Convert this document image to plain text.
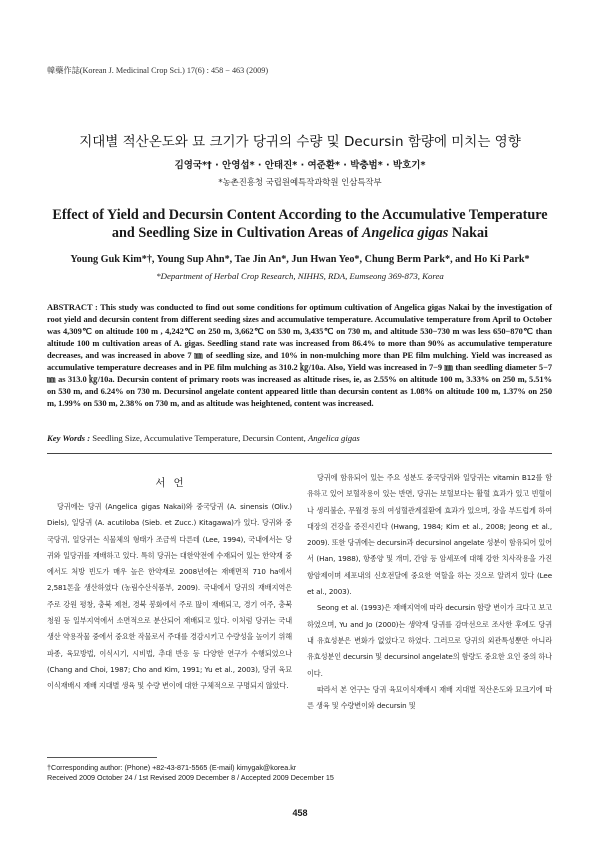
韓藥作誌(Korean J. Medicinal Crop Sci.) 17(6) : 458 − 463 (2009)
지대별 적산온도와 묘 크기가 당귀의 수량 및 Decursin 함량에 미치는 영향
김영국*† · 안영섭* · 안태진* · 여준환* · 박충범* · 박호기*
*농촌진흥청 국립원예특작과학원 인삼특작부
Effect of Yield and Decursin Content According to the Accumulative Temperature
and Seedling Size in Cultivation Areas of Angelica gigas Nakai
Young Guk Kim*†, Young Sup Ahn*, Tae Jin An*, Jun Hwan Yeo*, Chung Berm Park*, and Ho Ki Park*
*Department of Herbal Crop Research, NIHHS, RDA, Eumseong 369-873, Korea
ABSTRACT : This study was conducted to find out some conditions for optimum cultivation of Angelica gigas Nakai by the investigation of root yield and decursin content from different seeding sizes and accumulative temperature. Accumulative temperature from April to October was 4,309℃ on altitude 100 m , 4,242℃ on 250 m, 3,662℃ on 530 m, 3,435℃ on 730 m, and altitude 530−730 m was less 650−870℃ than altitude 100 m cultivation areas of A. gigas. Seedling stand rate was increased from 86.4% to more than 90% as accumulative temperature decreases, and was increased in above 7 ㎜ of seedling size, and 10% in non-mulching more than PE film mulching. Yield was increased as accumulative temperature decreases and in PE film mulching as 310.2 ㎏/10a. Also, Yield was increased in 7−9 ㎜ than seedling diameter 5−7 ㎜ as 313.0 ㎏/10a. Decursin content of primary roots was increased as altitude rises, ie, as 2.55% on altitude 100 m, 3.33% on 250 m, 5.51% on 530 m, and 6.24% on 730 m. Decursinol angelate content appeared little than decursin content as 1.08% on altitude 100 m, 1.37% on 250 m, 1.99% on 530 m, 2.38% on 730 m, and as altitude was heightened, content was increased.
Key Words : Seedling Size, Accumulative Temperature, Decursin Content, Angelica gigas
서언

당귀에는 당귀 (Angelica gigas Nakai)와 중국당귀 (A. sinensis (Oliv.) Diels), 일당귀 (A. acutiloba (Sieb. et Zucc.) Kitagawa)가 있다. 당귀와 중국당귀, 일당귀는 식물체의 형태가 조금씩 다른데 (Lee, 1994), 국내에서는 당귀와 일당귀를 재배하고 있다. 특히 당귀는 대한약전에 수재되어 있는 한약재 중에서도 처방 빈도가 매우 높은 한약재로 2008년에는 재배면적 710 ha에서 2,581톤을 생산하였다 (농림수산식품부, 2009). 국내에서 당귀의 재배지역은 주로 강원 평창, 충북 제천, 경북 봉화에서 주로 많이 재배되고, 경기 여주, 충북 청원 등 일부지역에서 소면적으로 분산되어 재배되고 있다. 이처럼 당귀는 국내 생산 약용작물 중에서 중요한 작물로서 주대를 경감시키고 수량성을 높이기 위해 파종, 육묘방법, 이식시기, 시비법, 추대 반응 등 다양한 연구가 수행되었으나 (Chang and Choi, 1987; Cho and Kim, 1991; Yu et al., 2003), 당귀 육묘이식재배시 재배 지대별 생육 및 수량 변이에 대한 구체적으로 구명되지 않았다.

당귀에 함유되어 있는 주요 성분도 중국당귀와 일당귀는 vitamin B12를 함유하고 있어 보혈작용이 있는 반면, 당귀는 보혈보다는 활혈 효과가 있고 빈혈이나 생리불순, 무월경 등의 여성혈관계질환에 효과가 있으며, 장을 부드럽게 하여 대장의 건강을 증진시킨다 (Hwang, 1984; Kim et al., 2008; Jeong et al., 2009). 또한 당귀에는 decursin과 decursinol angelate 성분이 함유되어 있어서 (Han, 1988), 항종양 및 개미, 간암 등 암세포에 대해 강한 치사작용을 가진 항암제이며 세포내의 신호전달에 중요한 역할을 하는 것으로 알려져 있다 (Lee et al., 2003).

Seong et al. (1993)은 재배지역에 따라 decursin 함량 변이가 크다고 보고하였으며, Yu and Jo (2000)는 생약재 당귀를 감마선으로 조사한 후에도 당귀 내 유효성분은 변화가 없었다고 하였다. 그러므로 당귀의 외관특성뿐만 아니라 유효성분인 decursin 및 decursinol angelate의 함량도 중요한 요인 중의 하나이다.

따라서 본 연구는 당귀 육묘이식재배시 재배 지대별 적산온도와 묘크기에 따른 생육 및 수량변이와 decursin 및

†Corresponding author: (Phone) +82-43-871-5565 (E-mail) kimygak@korea.kr
Received 2009 October 24 / 1st Revised 2009 December 8 / Accepted 2009 December 15
458
